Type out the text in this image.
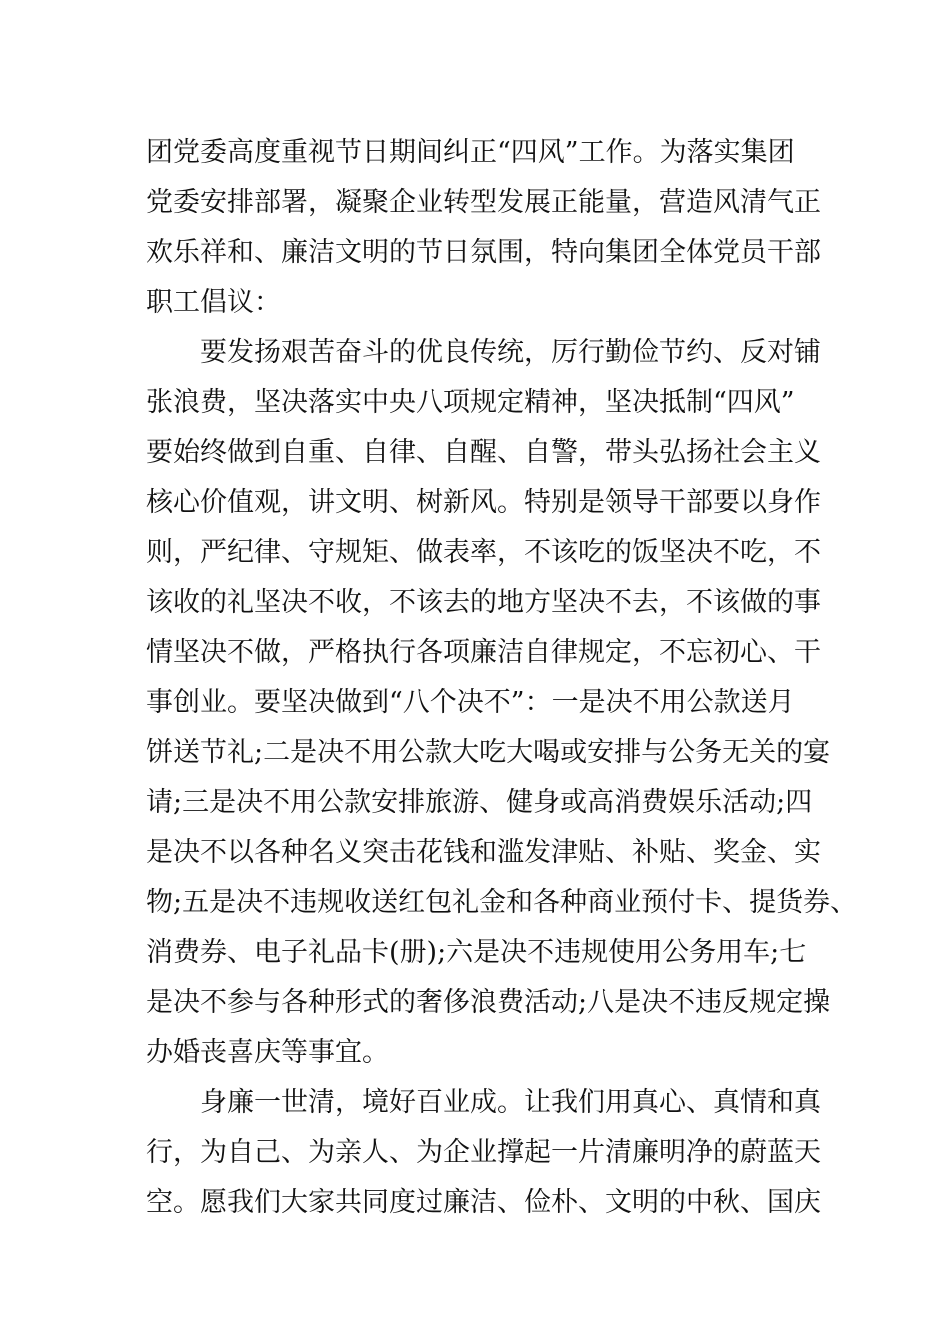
团党委高度重视节日期间纠正“四风”工作。为落实集团
党委安排部署，凝聚企业转型发展正能量，营造风清气正
欢乐祥和、廉洁文明的节日氛围，特向集团全体党员干部
职工倡议：
要发扬艰苦奋斗的优良传统，厉行勤俭节约、反对铺
张浪费，坚决落实中央八项规定精神，坚决抵制“四风”
要始终做到自重、自律、自醒、自警，带头弘扬社会主义
核心价值观，讲文明、树新风。特别是领导干部要以身作
则，严纪律、守规矩、做表率，不该吃的饭坚决不吃，不
该收的礼坚决不收，不该去的地方坚决不去，不该做的事
情坚决不做，严格执行各项廉洁自律规定，不忘初心、干
事创业。要坚决做到“八个决不”：一是决不用公款送月
饼送节礼;二是决不用公款大吃大喝或安排与公务无关的宴
请;三是决不用公款安排旅游、健身或高消费娱乐活动;四
是决不以各种名义突击花钱和滥发津贴、补贴、奖金、实
物;五是决不违规收送红包礼金和各种商业预付卡、提货券、
消费券、电子礼品卡(册);六是决不违规使用公务用车;七
是决不参与各种形式的奢侈浪费活动;八是决不违反规定操
办婚丧喜庆等事宜。
身廉一世清，境好百业成。让我们用真心、真情和真
行，为自己、为亲人、为企业撑起一片清廉明净的蔚蓝天
空。愿我们大家共同度过廉洁、俭朴、文明的中秋、国庆
